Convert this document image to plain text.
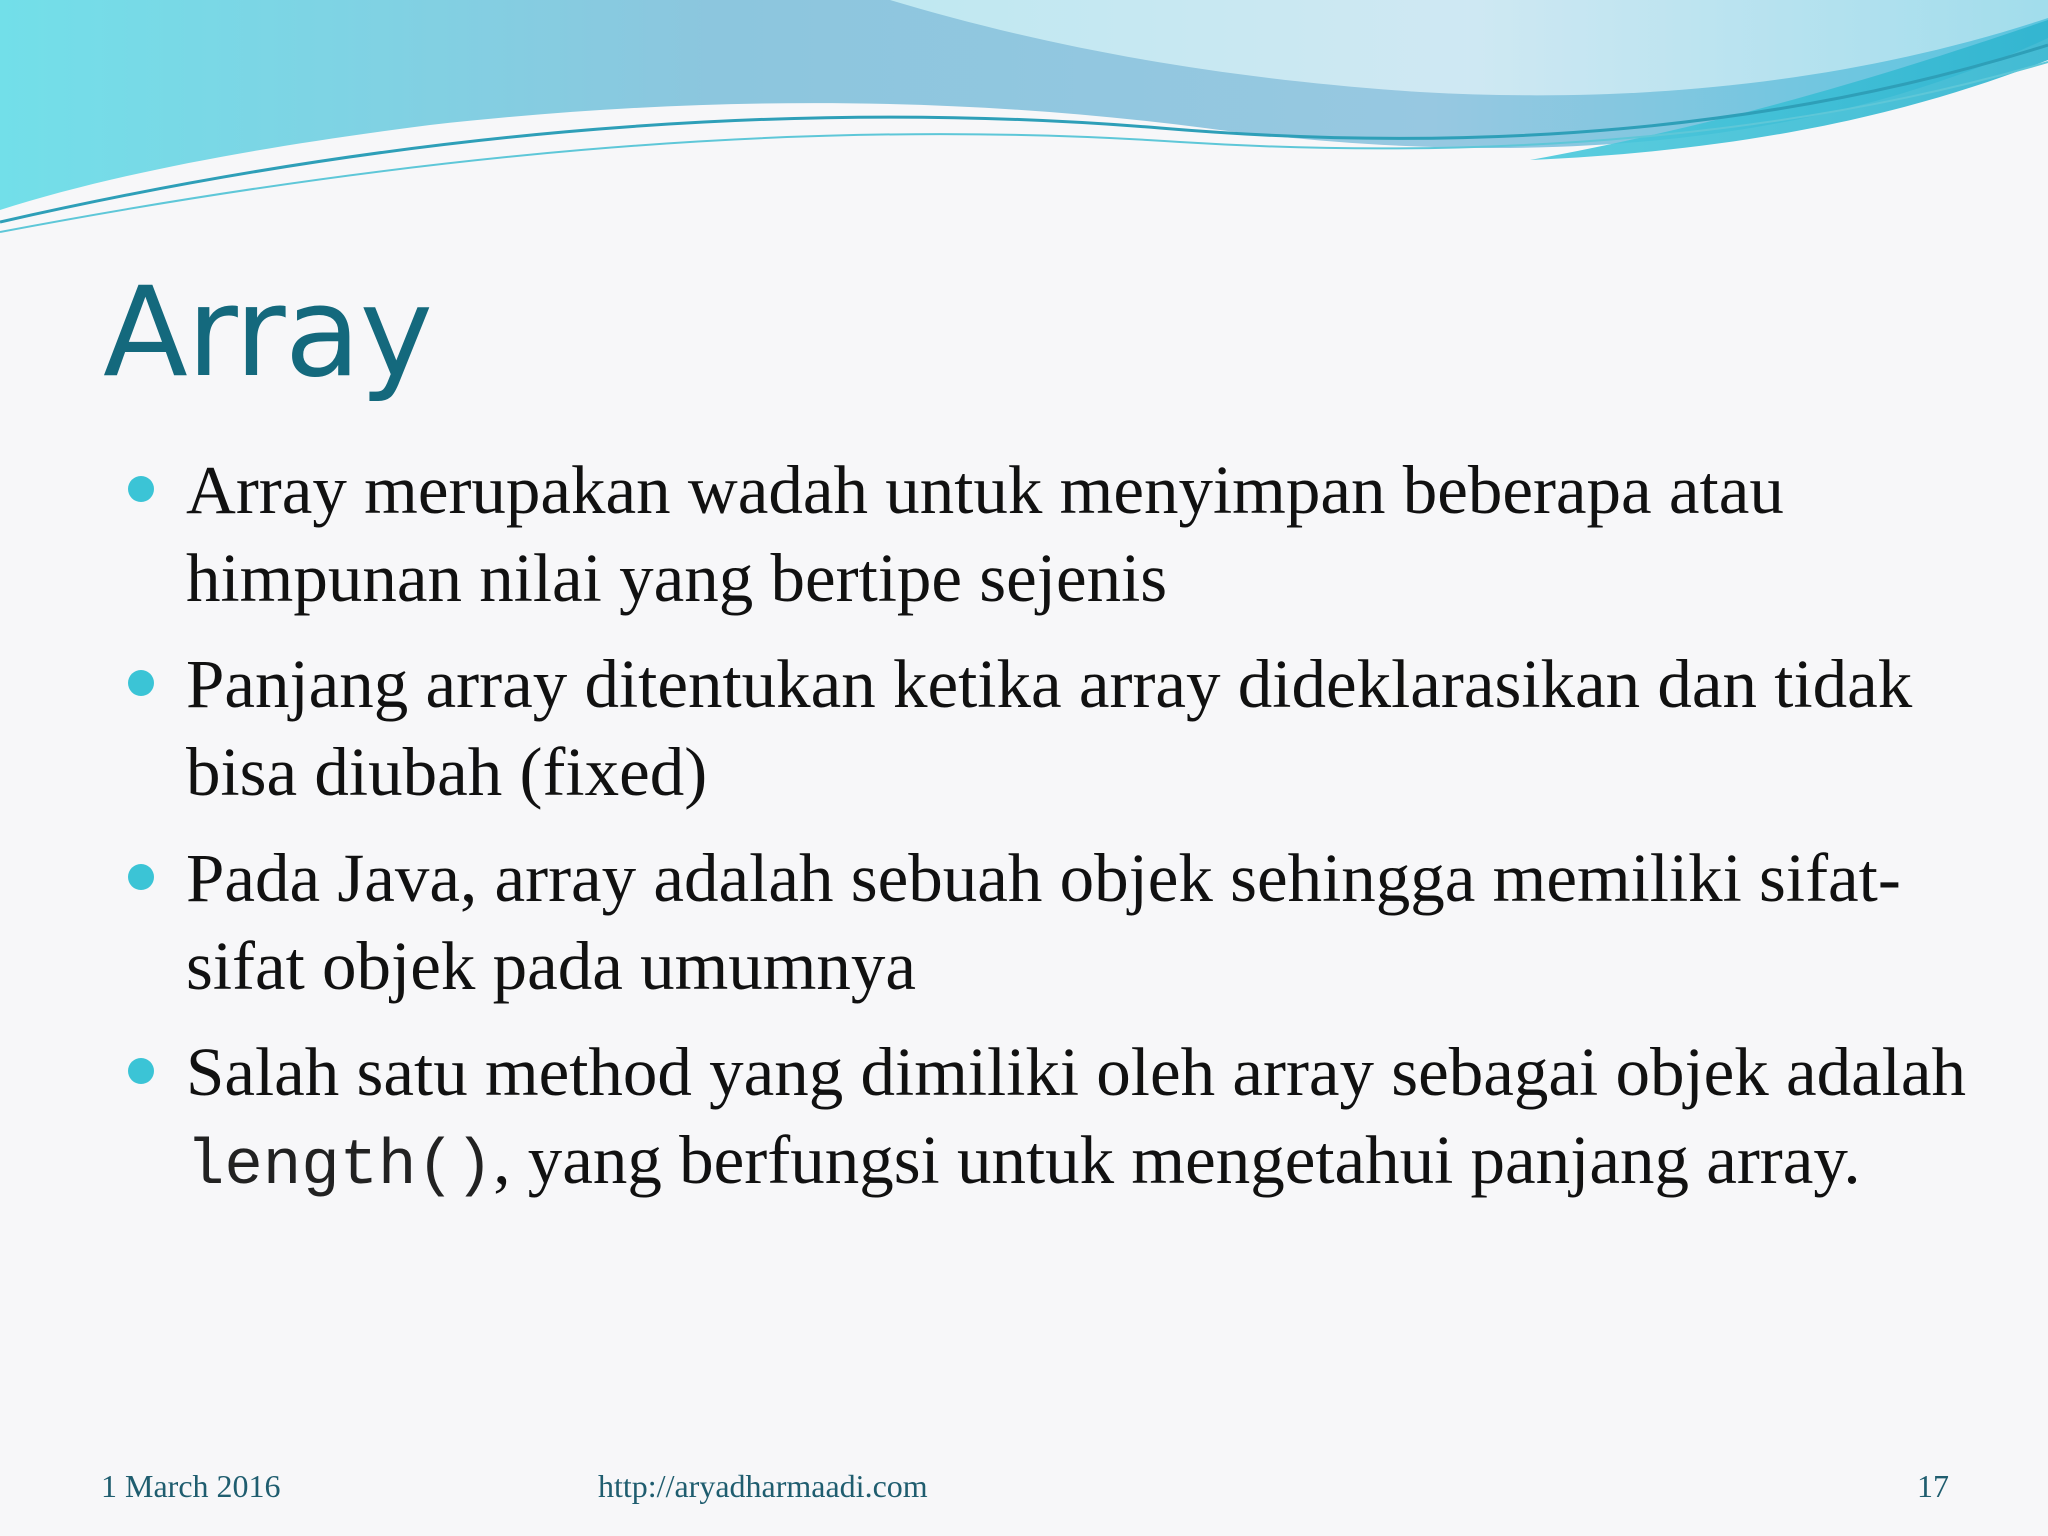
Array
Array merupakan wadah untuk menyimpan beberapa atau himpunan nilai yang bertipe sejenis
Panjang array ditentukan ketika array dideklarasikan dan tidak bisa diubah (fixed)
Pada Java, array adalah sebuah objek sehingga memiliki sifat-sifat objek pada umumnya
Salah satu method yang dimiliki oleh array sebagai objek adalah length(), yang berfungsi untuk mengetahui panjang array.
1 March 2016	http://aryadharmaadi.com	17
